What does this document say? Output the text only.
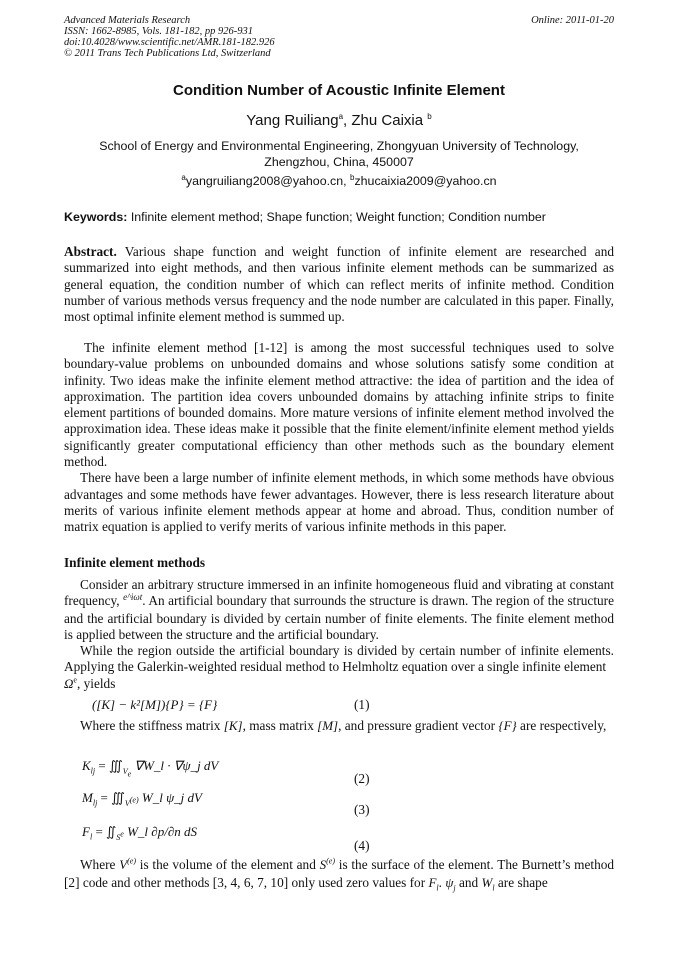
Advanced Materials Research
ISSN: 1662-8985, Vols. 181-182, pp 926-931
doi:10.4028/www.scientific.net/AMR.181-182.926
© 2011 Trans Tech Publications Ltd, Switzerland
Online: 2011-01-20
Condition Number of Acoustic Infinite Element
Yang Ruiliang$^a$, Zhu Caixia $^b$
School of Energy and Environmental Engineering, Zhongyuan University of Technology,
Zhengzhou, China, 450007
$^a$yangruiliang2008@yahoo.cn, $^b$zhucaixia2009@yahoo.cn
Keywords: Infinite element method; Shape function; Weight function; Condition number

Abstract. Various shape function and weight function of infinite element are researched and summarized into eight methods, and then various infinite element methods can be summarized as general equation, the condition number of which can reflect merits of infinite method. Condition number of various methods versus frequency and the node number are calculated in this paper. Finally, most optimal infinite element method is summed up.

The infinite element method [1-12] is among the most successful techniques used to solve boundary-value problems on unbounded domains and whose solutions satisfy some condition at infinity. Two ideas make the infinite element method attractive: the idea of partition and the idea of approximation. The partition idea covers unbounded domains by attaching infinite strips to finite element partitions of bounded domains. More mature versions of infinite element method involved the approximation idea. These ideas make it possible that the finite element/infinite element method yields significantly greater computational efficiency than other methods such as the boundary element method.

There have been a large number of infinite element methods, in which some methods have obvious advantages and some methods have fewer advantages. However, there is less research literature about merits of various infinite element methods appear at home and abroad. Thus, condition number of matrix equation is applied to verify merits of various infinite methods in this paper.

Infinite element methods

Consider an arbitrary structure immersed in an infinite homogeneous fluid and vibrating at constant frequency, $^{e\^{}i\omega t}$. An artificial boundary that surrounds the structure is drawn. The region of the structure and the artificial boundary is divided by certain number of finite elements. The finite element method is applied between the structure and the artificial boundary.

While the region outside the artificial boundary is divided by certain number of infinite elements. Applying the Galerkin-weighted residual method to Helmholtz equation over a single infinite element
$\Omega^e$, yields

([K] − k²[M]){P} = {F}	(1)

Where the stiffness matrix [K], mass matrix [M], and pressure gradient vector {F} are respectively,

$K_{lj}$ = $∭_{V_e}$ ∇W_l · ∇ψ_j dV
(2)
$M_{lj}$ = $∭_{V^{(e)}}$ W_l ψ_j dV
(3)
$F_l$ = $∬_{S^e}$ W_l ∂p/∂n dS
(4)

Where $V^{(e)}$ is the volume of the element and $S^{(e)}$ is the surface of the element. The Burnett’s method [2] code and other methods [3, 4, 6, 7, 10] only used zero values for $F_l$. $\psi_j$ and $W_l$ are shape
